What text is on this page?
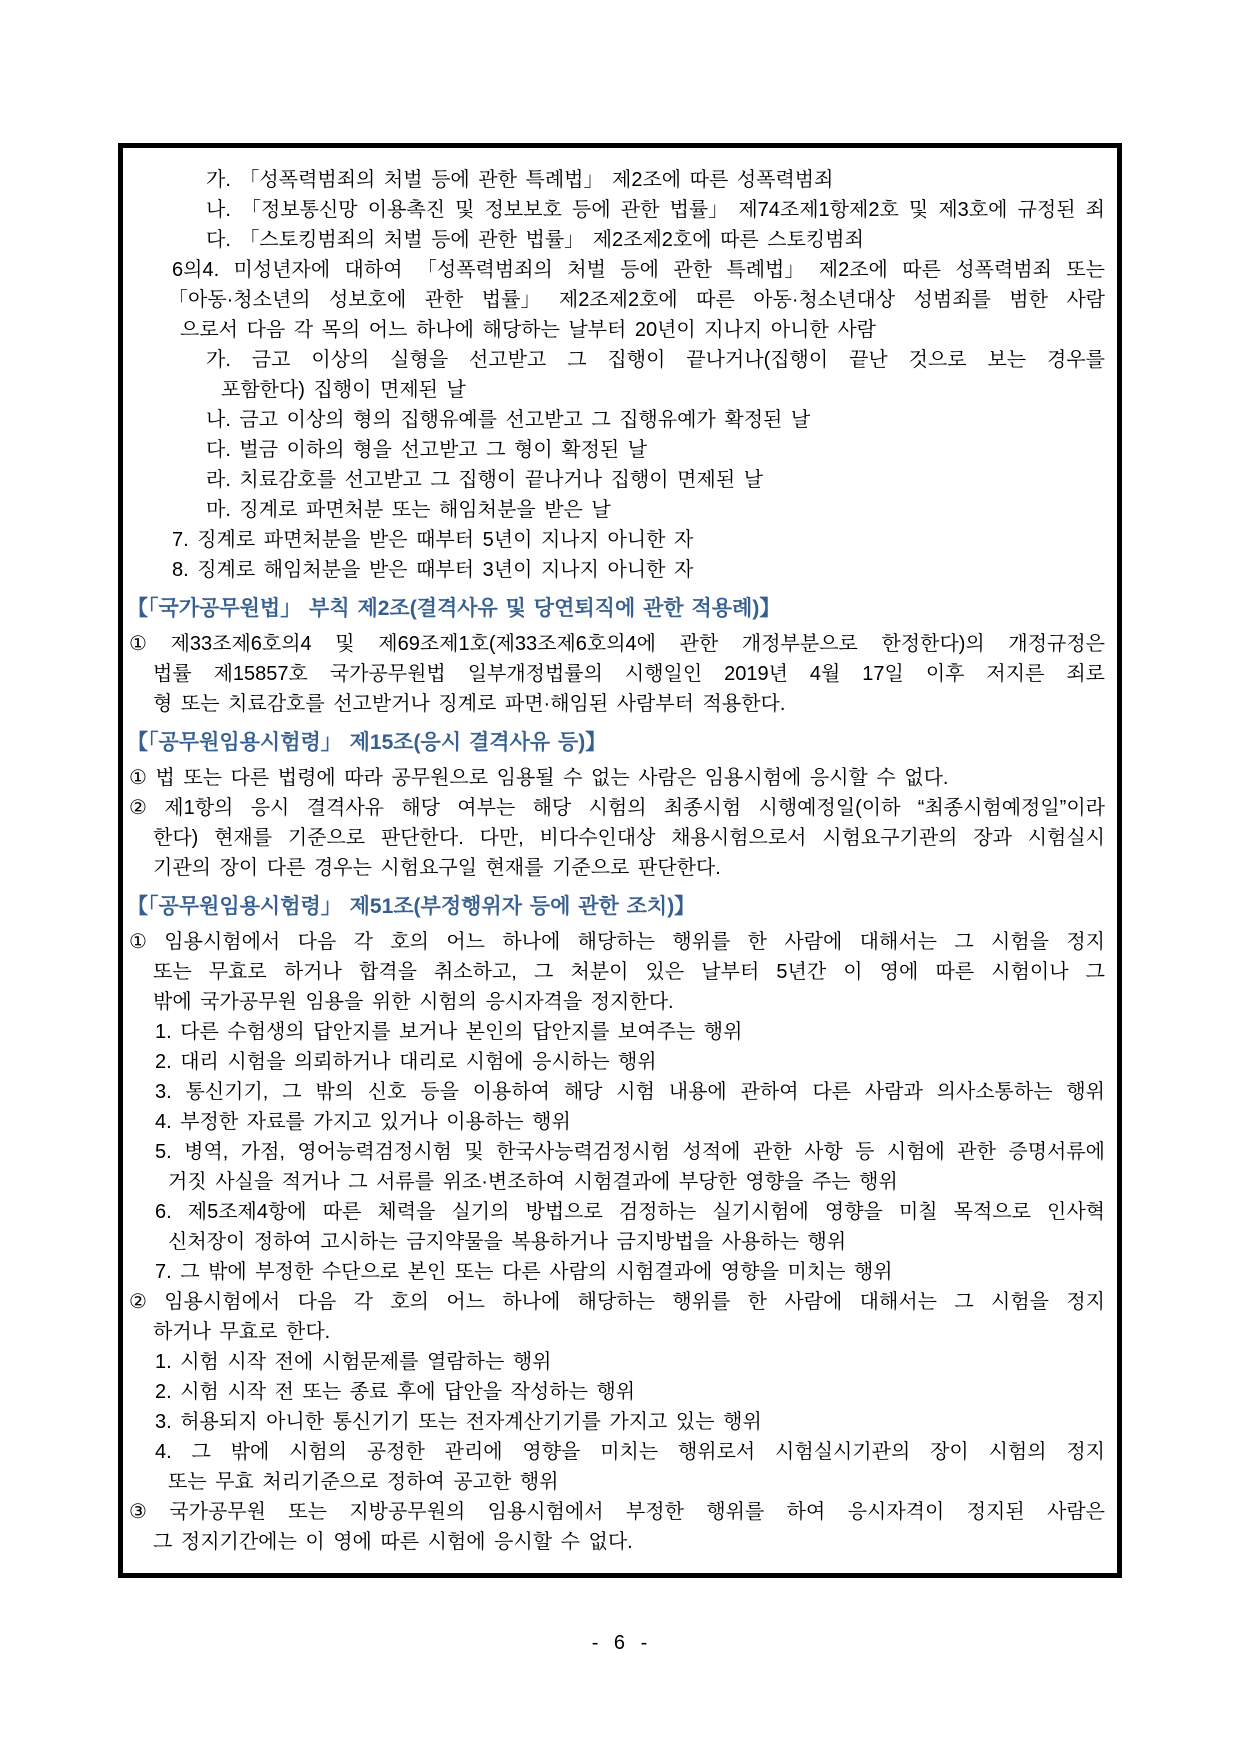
가. 「성폭력범죄의 처벌 등에 관한 특례법」 제2조에 따른 성폭력범죄
나. 「정보통신망 이용촉진 및 정보보호 등에 관한 법률」 제74조제1항제2호 및 제3호에 규정된 죄
다. 「스토킹범죄의 처벌 등에 관한 법률」 제2조제2호에 따른 스토킹범죄
6의4. 미성년자에 대하여 「성폭력범죄의 처벌 등에 관한 특례법」 제2조에 따른 성폭력범죄 또는
「아동·청소년의 성보호에 관한 법률」 제2조제2호에 따른 아동·청소년대상 성범죄를 범한 사람
으로서 다음 각 목의 어느 하나에 해당하는 날부터 20년이 지나지 아니한 사람
가. 금고 이상의 실형을 선고받고 그 집행이 끝나거나(집행이 끝난 것으로 보는 경우를
포함한다) 집행이 면제된 날
나. 금고 이상의 형의 집행유예를 선고받고 그 집행유예가 확정된 날
다. 벌금 이하의 형을 선고받고 그 형이 확정된 날
라. 치료감호를 선고받고 그 집행이 끝나거나 집행이 면제된 날
마. 징계로 파면처분 또는 해임처분을 받은 날
7. 징계로 파면처분을 받은 때부터 5년이 지나지 아니한 자
8. 징계로 해임처분을 받은 때부터 3년이 지나지 아니한 자
【「국가공무원법」 부칙 제2조(결격사유 및 당연퇴직에 관한 적용례)】
① 제33조제6호의4 및 제69조제1호(제33조제6호의4에 관한 개정부분으로 한정한다)의 개정규정은
법률 제15857호 국가공무원법 일부개정법률의 시행일인 2019년 4월 17일 이후 저지른 죄로
형 또는 치료감호를 선고받거나 징계로 파면·해임된 사람부터 적용한다.
【「공무원임용시험령」 제15조(응시 결격사유 등)】
① 법 또는 다른 법령에 따라 공무원으로 임용될 수 없는 사람은 임용시험에 응시할 수 없다.
② 제1항의 응시 결격사유 해당 여부는 해당 시험의 최종시험 시행예정일(이하 “최종시험예정일”이라
한다) 현재를 기준으로 판단한다. 다만, 비다수인대상 채용시험으로서 시험요구기관의 장과 시험실시
기관의 장이 다른 경우는 시험요구일 현재를 기준으로 판단한다.
【「공무원임용시험령」 제51조(부정행위자 등에 관한 조치)】
① 임용시험에서 다음 각 호의 어느 하나에 해당하는 행위를 한 사람에 대해서는 그 시험을 정지
또는 무효로 하거나 합격을 취소하고, 그 처분이 있은 날부터 5년간 이 영에 따른 시험이나 그
밖에 국가공무원 임용을 위한 시험의 응시자격을 정지한다.
1. 다른 수험생의 답안지를 보거나 본인의 답안지를 보여주는 행위
2. 대리 시험을 의뢰하거나 대리로 시험에 응시하는 행위
3. 통신기기, 그 밖의 신호 등을 이용하여 해당 시험 내용에 관하여 다른 사람과 의사소통하는 행위
4. 부정한 자료를 가지고 있거나 이용하는 행위
5. 병역, 가점, 영어능력검정시험 및 한국사능력검정시험 성적에 관한 사항 등 시험에 관한 증명서류에
거짓 사실을 적거나 그 서류를 위조·변조하여 시험결과에 부당한 영향을 주는 행위
6. 제5조제4항에 따른 체력을 실기의 방법으로 검정하는 실기시험에 영향을 미칠 목적으로 인사혁
신처장이 정하여 고시하는 금지약물을 복용하거나 금지방법을 사용하는 행위
7. 그 밖에 부정한 수단으로 본인 또는 다른 사람의 시험결과에 영향을 미치는 행위
② 임용시험에서 다음 각 호의 어느 하나에 해당하는 행위를 한 사람에 대해서는 그 시험을 정지
하거나 무효로 한다.
1. 시험 시작 전에 시험문제를 열람하는 행위
2. 시험 시작 전 또는 종료 후에 답안을 작성하는 행위
3. 허용되지 아니한 통신기기 또는 전자계산기기를 가지고 있는 행위
4. 그 밖에 시험의 공정한 관리에 영향을 미치는 행위로서 시험실시기관의 장이 시험의 정지
또는 무효 처리기준으로 정하여 공고한 행위
③ 국가공무원 또는 지방공무원의 임용시험에서 부정한 행위를 하여 응시자격이 정지된 사람은
그 정지기간에는 이 영에 따른 시험에 응시할 수 없다.
- 6 -
